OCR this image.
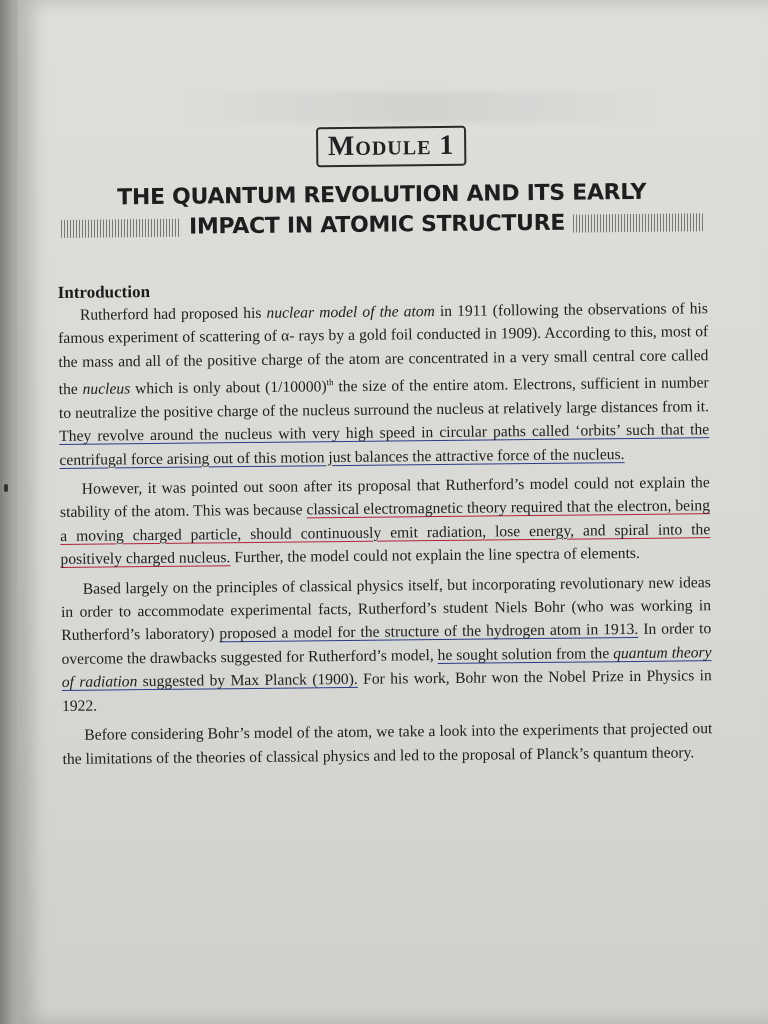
Module 1
THE QUANTUM REVOLUTION AND ITS EARLY
IMPACT IN ATOMIC STRUCTURE
Introduction

Rutherford had proposed his nuclear model of the atom in 1911 (following the observations of his famous experiment of scattering of α- rays by a gold foil conducted in 1909). According to this, most of the mass and all of the positive charge of the atom are concentrated in a very small central core called the nucleus which is only about $(1/10000)^{th}$ the size of the entire atom. Electrons, sufficient in number to neutralize the positive charge of the nucleus surround the nucleus at relatively large distances from it. They revolve around the nucleus with very high speed in circular paths called ‘orbits’ such that the centrifugal force arising out of this motion just balances the attractive force of the nucleus.

However, it was pointed out soon after its proposal that Rutherford’s model could not explain the stability of the atom. This was because classical electromagnetic theory required that the electron, being a moving charged particle, should continuously emit radiation, lose energy, and spiral into the positively charged nucleus. Further, the model could not explain the line spectra of elements.

Based largely on the principles of classical physics itself, but incorporating revolutionary new ideas in order to accommodate experimental facts, Rutherford’s student Niels Bohr (who was working in Rutherford’s laboratory) proposed a model for the structure of the hydrogen atom in 1913. In order to overcome the drawbacks suggested for Rutherford’s model, he sought solution from the quantum theory of radiation suggested by Max Planck (1900). For his work, Bohr won the Nobel Prize in Physics in 1922.

Before considering Bohr’s model of the atom, we take a look into the experiments that projected out the limitations of the theories of classical physics and led to the proposal of Planck’s quantum theory.
